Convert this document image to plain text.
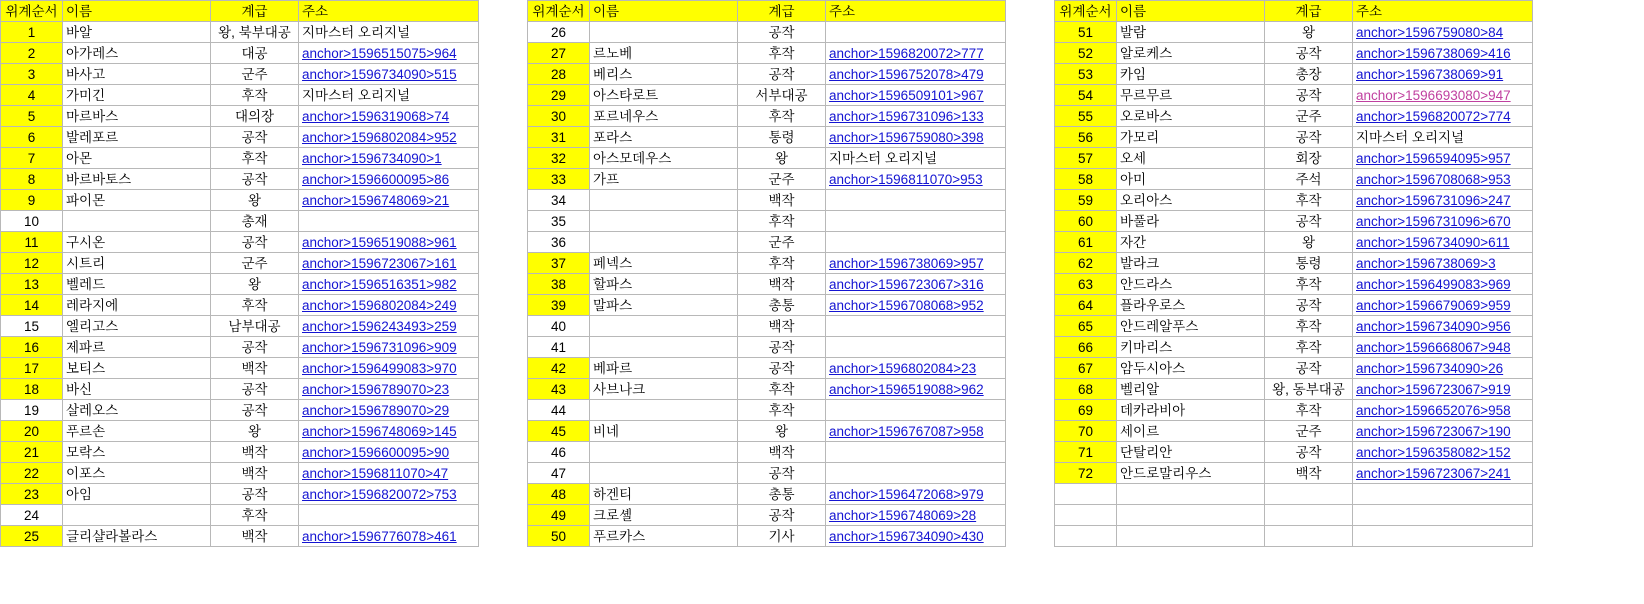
위계순서	이름	계급	주소
1	바알	왕, 북부대공	지마스터 오리지널
2	아가레스	대공	anchor>1596515075>964
3	바사고	군주	anchor>1596734090>515
4	가미긴	후작	지마스터 오리지널
5	마르바스	대의장	anchor>1596319068>74
6	발레포르	공작	anchor>1596802084>952
7	아몬	후작	anchor>1596734090>1
8	바르바토스	공작	anchor>1596600095>86
9	파이몬	왕	anchor>1596748069>21
10		총재	
11	구시온	공작	anchor>1596519088>961
12	시트리	군주	anchor>1596723067>161
13	벨레드	왕	anchor>1596516351>982
14	레라지에	후작	anchor>1596802084>249
15	엘리고스	남부대공	anchor>1596243493>259
16	제파르	공작	anchor>1596731096>909
17	보티스	백작	anchor>1596499083>970
18	바신	공작	anchor>1596789070>23
19	살레오스	공작	anchor>1596789070>29
20	푸르손	왕	anchor>1596748069>145
21	모락스	백작	anchor>1596600095>90
22	이포스	백작	anchor>1596811070>47
23	아임	공작	anchor>1596820072>753
24		후작	
25	글리샬라볼라스	백작	anchor>1596776078>461
위계순서	이름	계급	주소
26		공작	
27	르노베	후작	anchor>1596820072>777
28	베리스	공작	anchor>1596752078>479
29	아스타로트	서부대공	anchor>1596509101>967
30	포르네우스	후작	anchor>1596731096>133
31	포라스	통령	anchor>1596759080>398
32	아스모데우스	왕	지마스터 오리지널
33	가프	군주	anchor>1596811070>953
34		백작	
35		후작	
36		군주	
37	페넥스	후작	anchor>1596738069>957
38	할파스	백작	anchor>1596723067>316
39	말파스	총통	anchor>1596708068>952
40		백작	
41		공작	
42	베파르	공작	anchor>1596802084>23
43	사브나크	후작	anchor>1596519088>962
44		후작	
45	비네	왕	anchor>1596767087>958
46		백작	
47		공작	
48	하겐티	총통	anchor>1596472068>979
49	크로셸	공작	anchor>1596748069>28
50	푸르카스	기사	anchor>1596734090>430
위계순서	이름	계급	주소
51	발람	왕	anchor>1596759080>84
52	알로케스	공작	anchor>1596738069>416
53	카임	총장	anchor>1596738069>91
54	무르무르	공작	anchor>1596693080>947
55	오로바스	군주	anchor>1596820072>774
56	가모리	공작	지마스터 오리지널
57	오세	회장	anchor>1596594095>957
58	아미	주석	anchor>1596708068>953
59	오리아스	후작	anchor>1596731096>247
60	바풀라	공작	anchor>1596731096>670
61	자간	왕	anchor>1596734090>611
62	발라크	통령	anchor>1596738069>3
63	안드라스	후작	anchor>1596499083>969
64	플라우로스	공작	anchor>1596679069>959
65	안드레알푸스	후작	anchor>1596734090>956
66	키마리스	후작	anchor>1596668067>948
67	암두시아스	공작	anchor>1596734090>26
68	벨리알	왕, 동부대공	anchor>1596723067>919
69	데카라비아	후작	anchor>1596652076>958
70	세이르	군주	anchor>1596723067>190
71	단탈리안	공작	anchor>1596358082>152
72	안드로말리우스	백작	anchor>1596723067>241
